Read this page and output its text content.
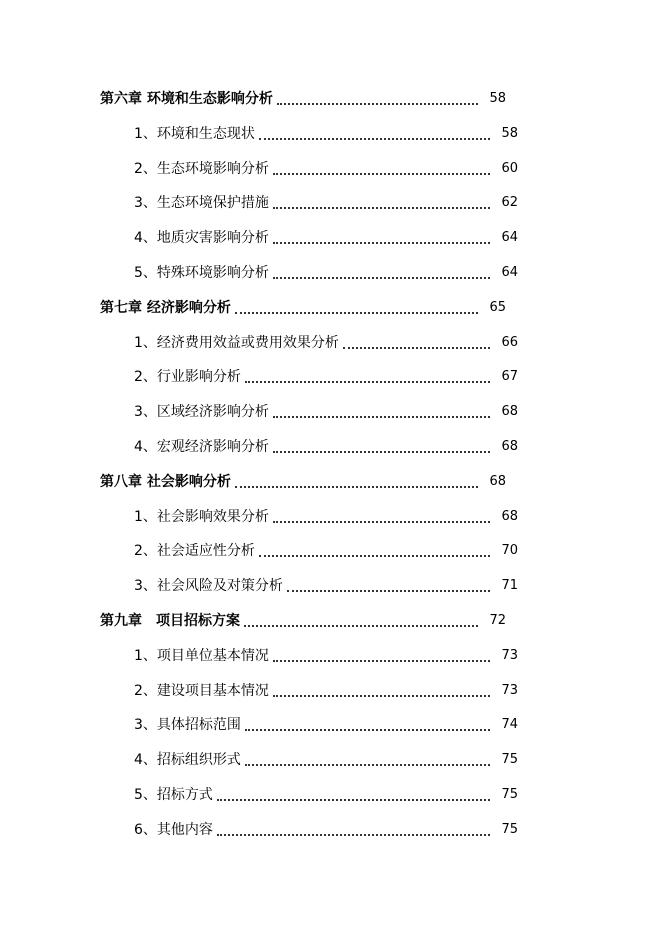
第六章 环境和生态影响分析	58
1、环境和生态现状	58
2、生态环境影响分析	60
3、生态环境保护措施	62
4、地质灾害影响分析	64
5、特殊环境影响分析	64
第七章 经济影响分析	65
1、经济费用效益或费用效果分析	66
2、行业影响分析	67
3、区域经济影响分析	68
4、宏观经济影响分析	68
第八章 社会影响分析	68
1、社会影响效果分析	68
2、社会适应性分析	70
3、社会风险及对策分析	71
第九章　项目招标方案	72
1、项目单位基本情况	73
2、建设项目基本情况	73
3、具体招标范围	74
4、招标组织形式	75
5、招标方式	75
6、其他内容	75
